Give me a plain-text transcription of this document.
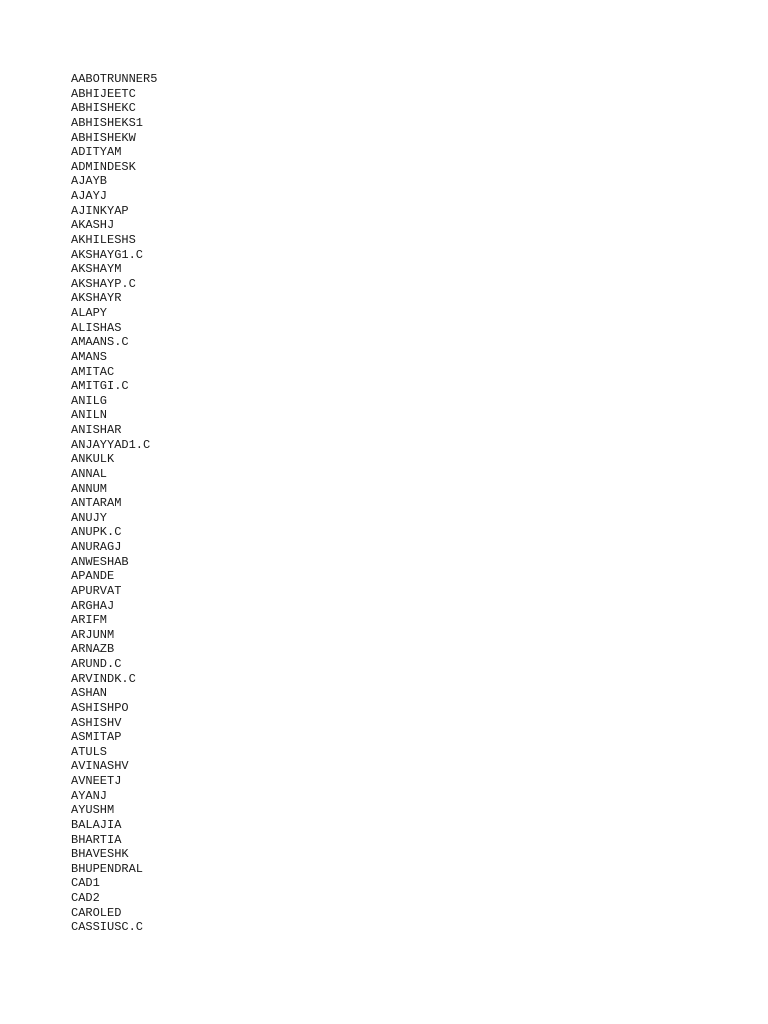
AABOTRUNNER5
ABHIJEETC
ABHISHEKC
ABHISHEKS1
ABHISHEKW
ADITYAM
ADMINDESK
AJAYB
AJAYJ
AJINKYAP
AKASHJ
AKHILESHS
AKSHAYG1.C
AKSHAYM
AKSHAYP.C
AKSHAYR
ALAPY
ALISHAS
AMAANS.C
AMANS
AMITAC
AMITGI.C
ANILG
ANILN
ANISHAR
ANJAYYAD1.C
ANKULK
ANNAL
ANNUM
ANTARAM
ANUJY
ANUPK.C
ANURAGJ
ANWESHAB
APANDE
APURVAT
ARGHAJ
ARIFM
ARJUNM
ARNAZB
ARUND.C
ARVINDK.C
ASHAN
ASHISHPO
ASHISHV
ASMITAP
ATULS
AVINASHV
AVNEETJ
AYANJ
AYUSHM
BALAJIA
BHARTIA
BHAVESHK
BHUPENDRAL
CAD1
CAD2
CAROLED
CASSIUSC.C
